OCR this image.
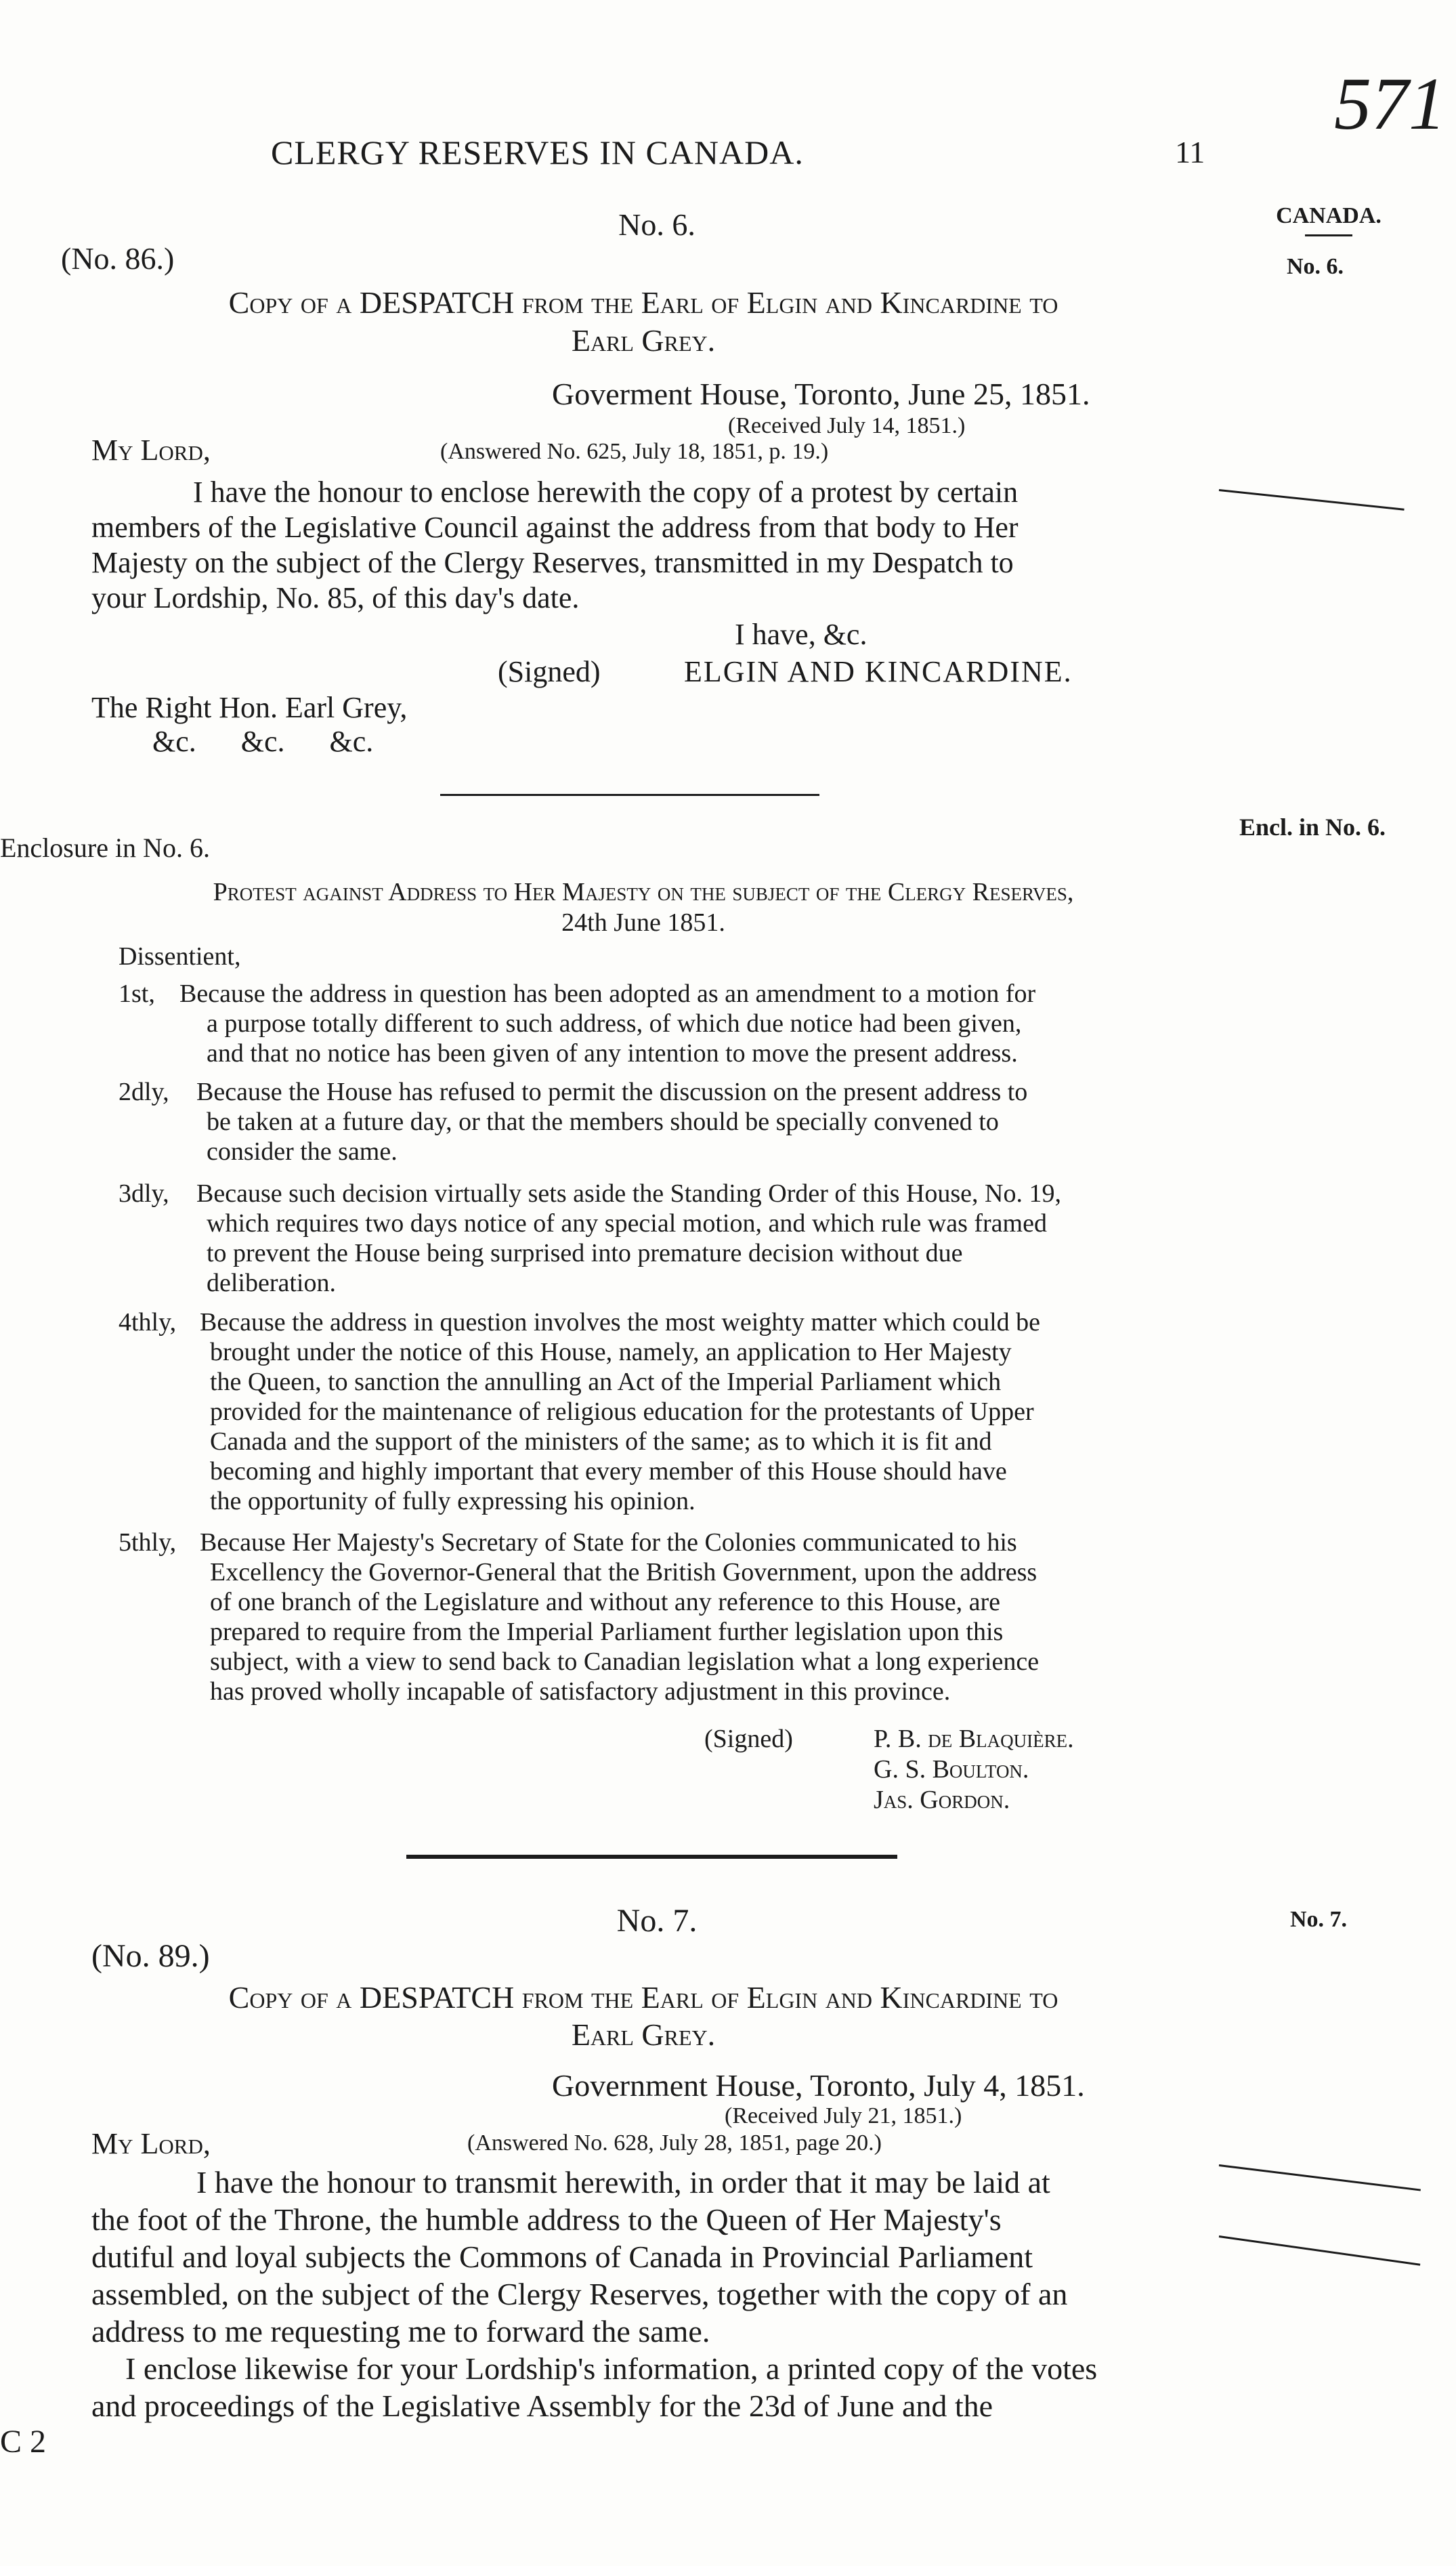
CLERGY RESERVES IN CANADA.	11
571
CANADA.
No. 6.
Encl. in No. 6.
No. 7.
No. 6.
(No. 86.)
Copy of a DESPATCH from the Earl of Elgin and Kincardine to
Earl Grey.
Goverment House, Toronto, June 25, 1851.
(Received July 14, 1851.)
(Answered No. 625, July 18, 1851, p. 19.)
My Lord,
I have the honour to enclose herewith the copy of a protest by certain
members of the Legislative Council against the address from that body to Her
Majesty on the subject of the Clergy Reserves, transmitted in my Despatch to
your Lordship, No. 85, of this day's date.
I have, &c.
(Signed)	ELGIN AND KINCARDINE.
The Right Hon. Earl Grey,
&c.      &c.      &c.
Enclosure in No. 6.
Protest against Address to Her Majesty on the subject of the Clergy Reserves,
24th June 1851.
Dissentient,
1st, Because the address in question has been adopted as an amendment to a motion for
a purpose totally different to such address, of which due notice had been given,
and that no notice has been given of any intention to move the present address.
2dly, Because the House has refused to permit the discussion on the present address to
be taken at a future day, or that the members should be specially convened to
consider the same.
3dly, Because such decision virtually sets aside the Standing Order of this House, No. 19,
which requires two days notice of any special motion, and which rule was framed
to prevent the House being surprised into premature decision without due
deliberation.
4thly, Because the address in question involves the most weighty matter which could be
brought under the notice of this House, namely, an application to Her Majesty
the Queen, to sanction the annulling an Act of the Imperial Parliament which
provided for the maintenance of religious education for the protestants of Upper
Canada and the support of the ministers of the same; as to which it is fit and
becoming and highly important that every member of this House should have
the opportunity of fully expressing his opinion.
5thly, Because Her Majesty's Secretary of State for the Colonies communicated to his
Excellency the Governor-General that the British Government, upon the address
of one branch of the Legislature and without any reference to this House, are
prepared to require from the Imperial Parliament further legislation upon this
subject, with a view to send back to Canadian legislation what a long experience
has proved wholly incapable of satisfactory adjustment in this province.
(Signed)	P. B. de Blaquière.
G. S. Boulton.
Jas. Gordon.
No. 7.
(No. 89.)
Copy of a DESPATCH from the Earl of Elgin and Kincardine to
Earl Grey.
Government House, Toronto, July 4, 1851.
(Received July 21, 1851.)
(Answered No. 628, July 28, 1851, page 20.)
My Lord,
I have the honour to transmit herewith, in order that it may be laid at
the foot of the Throne, the humble address to the Queen of Her Majesty's
dutiful and loyal subjects the Commons of Canada in Provincial Parliament
assembled, on the subject of the Clergy Reserves, together with the copy of an
address to me requesting me to forward the same.
I enclose likewise for your Lordship's information, a printed copy of the votes
and proceedings of the Legislative Assembly for the 23d of June and the
C 2
